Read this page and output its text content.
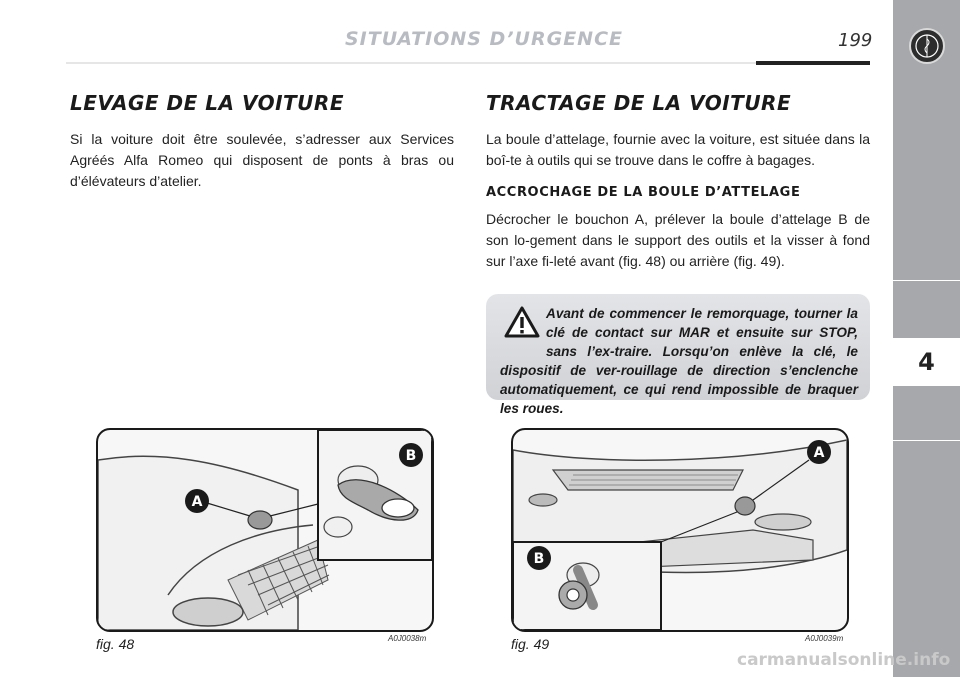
SITUATIONS D’URGENCE	199
4
LEVAGE DE LA VOITURE
Si la voiture doit être soulevée, s’adresser aux Services Agréés Alfa Romeo qui disposent de ponts à bras ou d’élévateurs d’atelier.
TRACTAGE DE LA VOITURE
La boule d’attelage, fournie avec la voiture, est située dans la boî-te à outils qui se trouve dans le coffre à bagages.
ACCROCHAGE DE LA BOULE D’ATTELAGE
Décrocher le bouchon A, prélever la boule d’attelage B de son lo-gement dans le support des outils et la visser à fond sur l’axe fi-leté avant (fig. 48) ou arrière (fig. 49).
Avant de commencer le remorquage, tourner la clé de contact sur MAR et ensuite sur STOP, sans l’ex-traire. Lorsqu’on enlève la clé, le dispositif de ver-rouillage de direction s’enclenche automatiquement, ce qui rend impossible de braquer les roues.
A
B
fig. 48	A0J0038m
A
B
fig. 49	A0J0039m
carmanualsonline.info
